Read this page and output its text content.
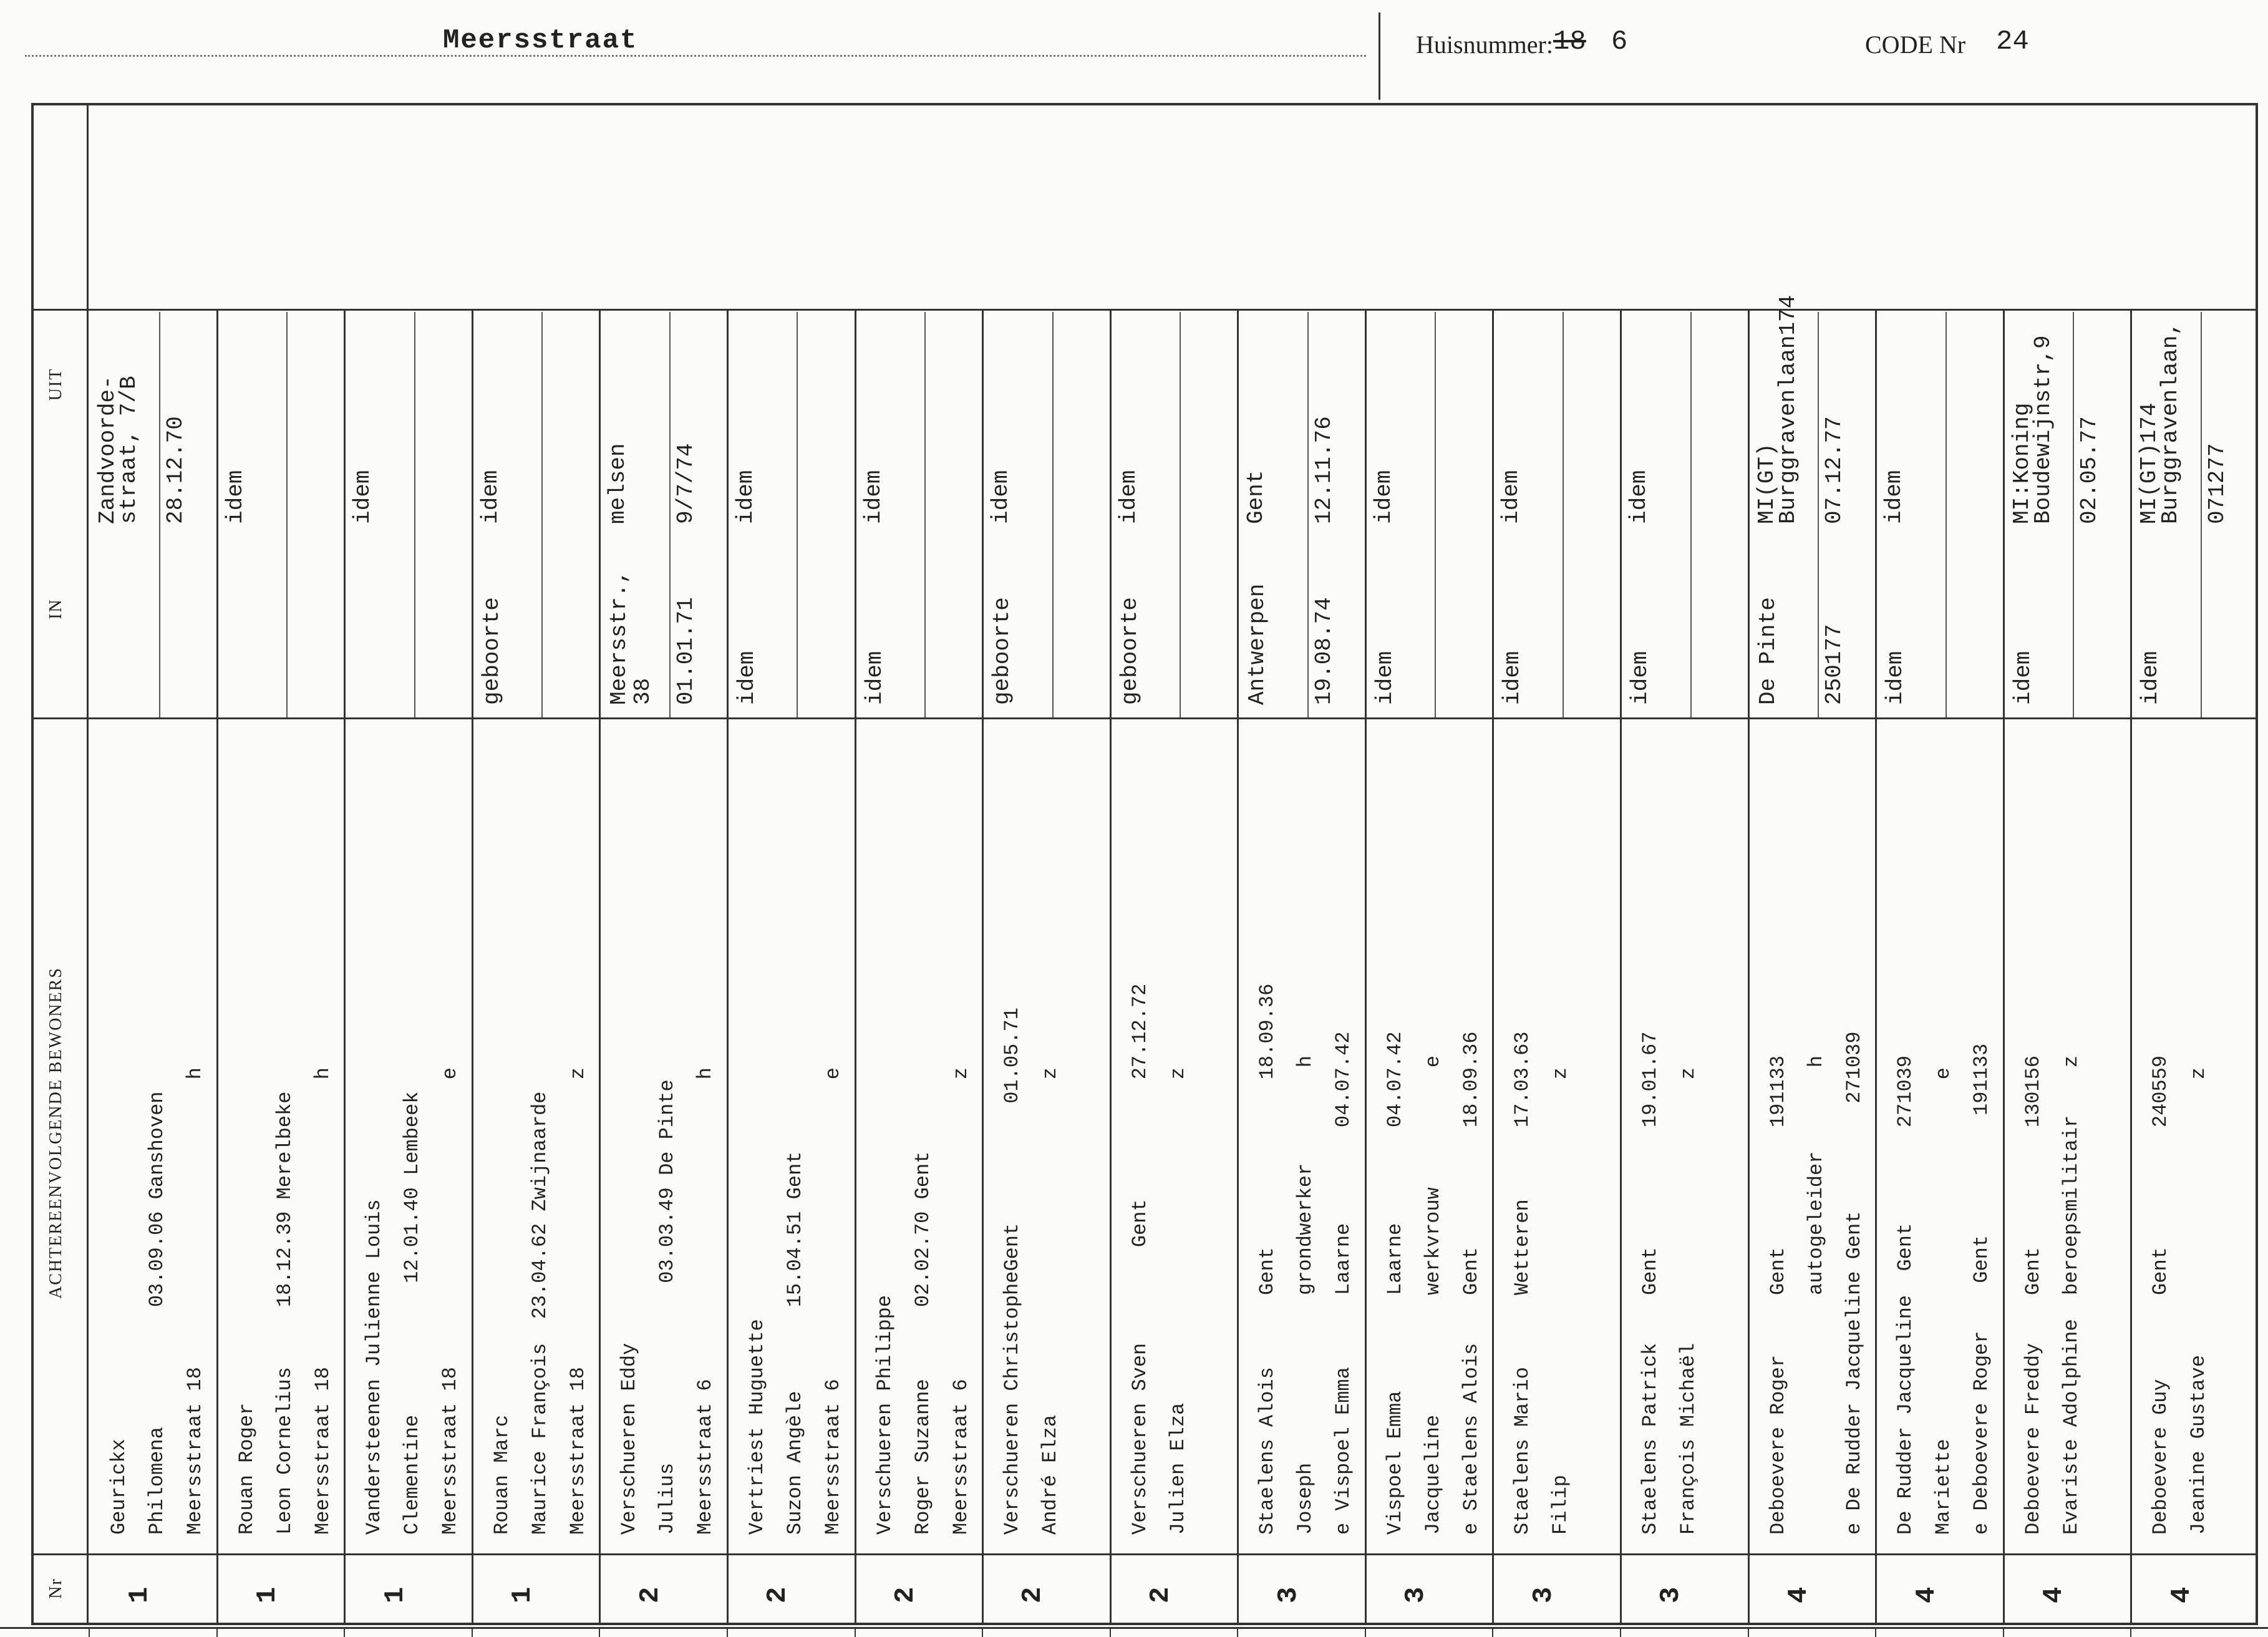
Meersstraat	Huisnummer: 18 6	CODE Nr 24
UIT
IN
ACHTEREENVOLGENDE BEWONERS
Nr 1
Geurickx
Philomena          03.09.06 Ganshoven
Meersstraat 18                        h
Zandvoorde-
straat, 7/B
28.12.70
1
Rouan Roger
Leon Cornelius     18.12.39 Merelbeke
Meersstraat 18                        h
idem
1
Vandersteenen Julienne Louis
Clementine           12.01.40 Lembeek
Meersstraat 18                        e
idem
1
Rouan Marc
Maurice François  23.04.62 Zwijnaarde
Meersstraat 18                        z
geboorte
idem
2
Verschueren Eddy
Julius               03.03.49 De Pinte
Meersstraat 6                         h
Meersstr.,
38 01.01.71
melsen 9/7/74
2
Vertriest Huguette
Suzon Angèle       15.04.51 Gent
Meersstraat 6                         e
idem
idem
2
Verschueren Philippe
Roger Suzanne      02.02.70 Gent
Meersstraat 6                         z
idem
idem
2
Verschueren ChristopheGent          01.05.71
André Elza                            z
geboorte
idem
2
Verschueren Sven        Gent          27.12.72
Julien Elza                           z
geboorte
idem
3
Staelens Alois      Gent              18.09.36
Joseph              grondwerker        h
e Vispoel Emma      Laarne        04.07.42
Antwerpen 19.08.74
Gent 12.11.76
3
Vispoel Emma        Laarne        04.07.42
Jacqueline          werkvrouw          e
e Staelens Alois    Gent          18.09.36
idem
idem
3
Staelens Mario      Wetteren      17.03.63
Filip                                 z
idem
idem
3
Staelens Patrick    Gent          19.01.67
François Michaël                      z
idem
idem
4
Deboevere Roger     Gent          191133
autogeleider       h
e De Rudder Jacqueline Gent         271039
De Pinte 250177
MI(GT)
Burggravenlaan174 07.12.77
4
De Rudder Jacqueline  Gent        271039
Mariette                              e
e Deboevere Roger    Gent          191133
idem
idem
4
Deboevere Freddy    Gent          130156
Evariste Adolphine  beroepsmilitair    z
idem
MI:Koning
Boudewijnstr,9 02.05.77
4
Deboevere Guy       Gent          240559
Jeanine Gustave                       z
idem
MI(GT)174
Burggravenlaan, 071277
